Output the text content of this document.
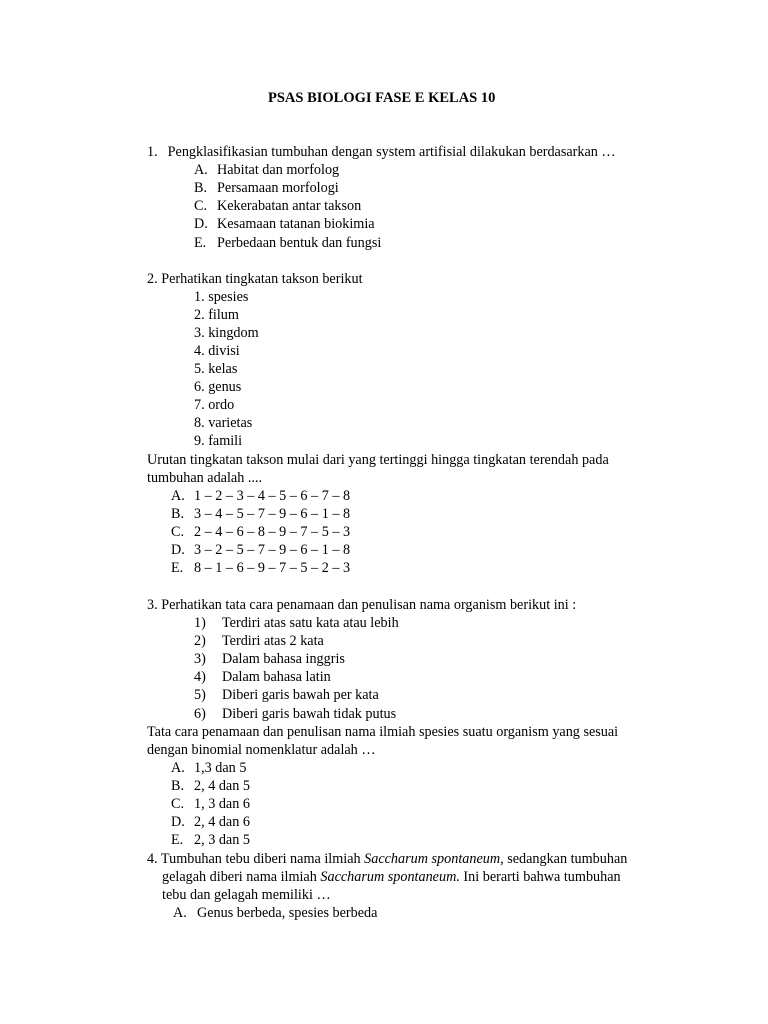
PSAS BIOLOGI FASE E KELAS 10
1. Pengklasifikasian tumbuhan dengan system artifisial dilakukan berdasarkan …
A. Habitat dan morfolog
B. Persamaan morfologi
C. Kekerabatan antar takson
D. Kesamaan tatanan biokimia
E. Perbedaan bentuk dan fungsi
2. Perhatikan tingkatan takson berikut
1. spesies
2. filum
3. kingdom
4. divisi
5. kelas
6. genus
7. ordo
8. varietas
9. famili
Urutan tingkatan takson mulai dari yang tertinggi hingga tingkatan terendah pada
tumbuhan adalah ....
A. 1 – 2 – 3 – 4 – 5 – 6 – 7 – 8
B. 3 – 4 – 5 – 7 – 9 – 6 – 1 – 8
C. 2 – 4 – 6 – 8 – 9 – 7 – 5 – 3
D. 3 – 2 – 5 – 7 – 9 – 6 – 1 – 8
E. 8 – 1 – 6 – 9 – 7 – 5 – 2 – 3
3. Perhatikan tata cara penamaan dan penulisan nama organism berikut ini :
1) Terdiri atas satu kata atau lebih
2) Terdiri atas 2 kata
3) Dalam bahasa inggris
4) Dalam bahasa latin
5) Diberi garis bawah per kata
6) Diberi garis bawah tidak putus
Tata cara penamaan dan penulisan nama ilmiah spesies suatu organism yang sesuai
dengan binomial nomenklatur adalah …
A. 1,3 dan 5
B. 2, 4 dan 5
C. 1, 3 dan 6
D. 2, 4 dan 6
E. 2, 3 dan 5
4. Tumbuhan tebu diberi nama ilmiah Saccharum spontaneum, sedangkan tumbuhan
gelagah diberi nama ilmiah Saccharum spontaneum. Ini berarti bahwa tumbuhan
tebu dan gelagah memiliki …
A. Genus berbeda, spesies berbeda
